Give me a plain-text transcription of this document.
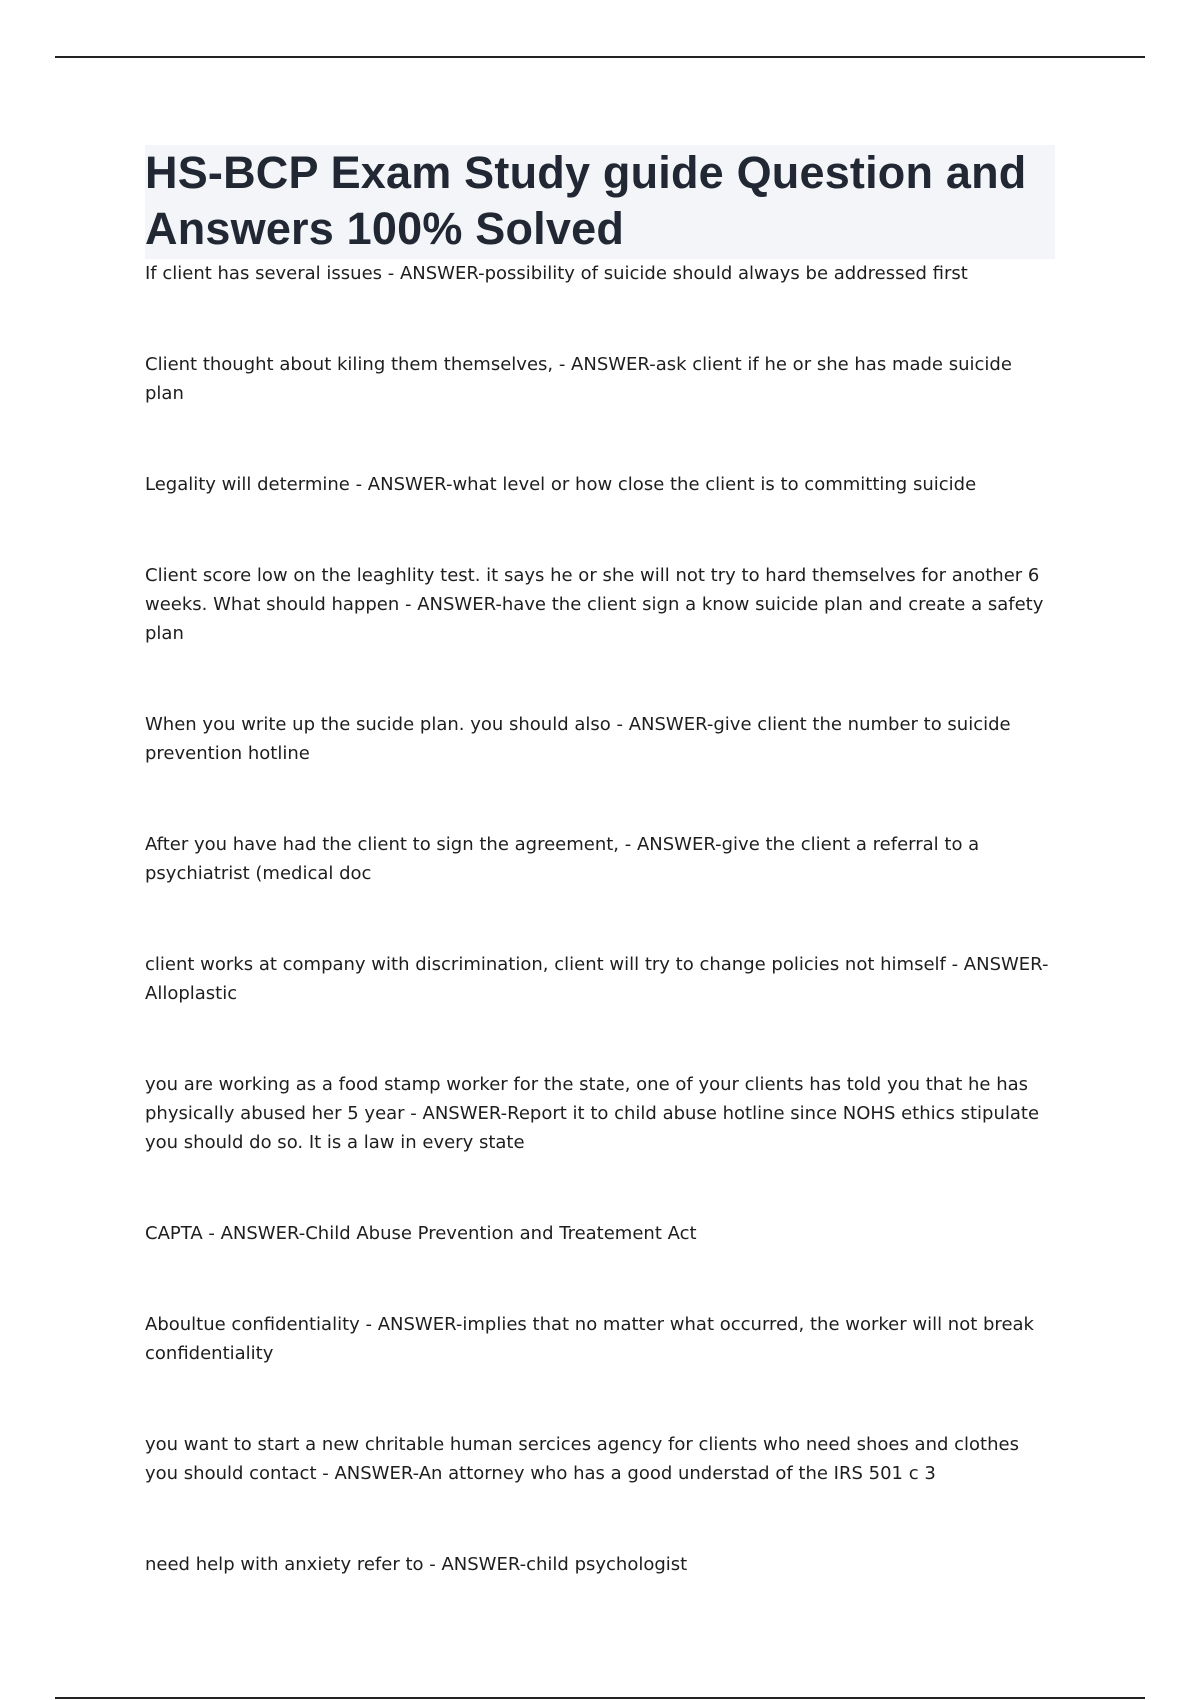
HS-BCP Exam Study guide Question and Answers 100% Solved
If client has several issues - ANSWER-possibility of suicide should always be addressed first
Client thought about kiling them themselves, - ANSWER-ask client if he or she has made suicide plan
Legality will determine - ANSWER-what level or how close the client is to committing suicide
Client score low on the leaghlity test. it says he or she will not try to hard themselves for another 6 weeks. What should happen - ANSWER-have the client sign a know suicide plan and create a safety plan
When you write up the sucide plan. you should also - ANSWER-give client the number to suicide prevention hotline
After you have had the client to sign the agreement, - ANSWER-give the client a referral to a psychiatrist (medical doc
client works at company with discrimination, client will try to change policies not himself - ANSWER-Alloplastic
you are working as a food stamp worker for the state, one of your clients has told you that he has physically abused her 5 year - ANSWER-Report it to child abuse hotline since NOHS ethics stipulate you should do so. It is a law in every state
CAPTA - ANSWER-Child Abuse Prevention and Treatement Act
Aboultue confidentiality - ANSWER-implies that no matter what occurred, the worker will not break confidentiality
you want to start a new chritable human sercices agency for clients who need shoes and clothes you should contact - ANSWER-An attorney who has a good understad of the IRS 501 c 3
need help with anxiety refer to - ANSWER-child psychologist
